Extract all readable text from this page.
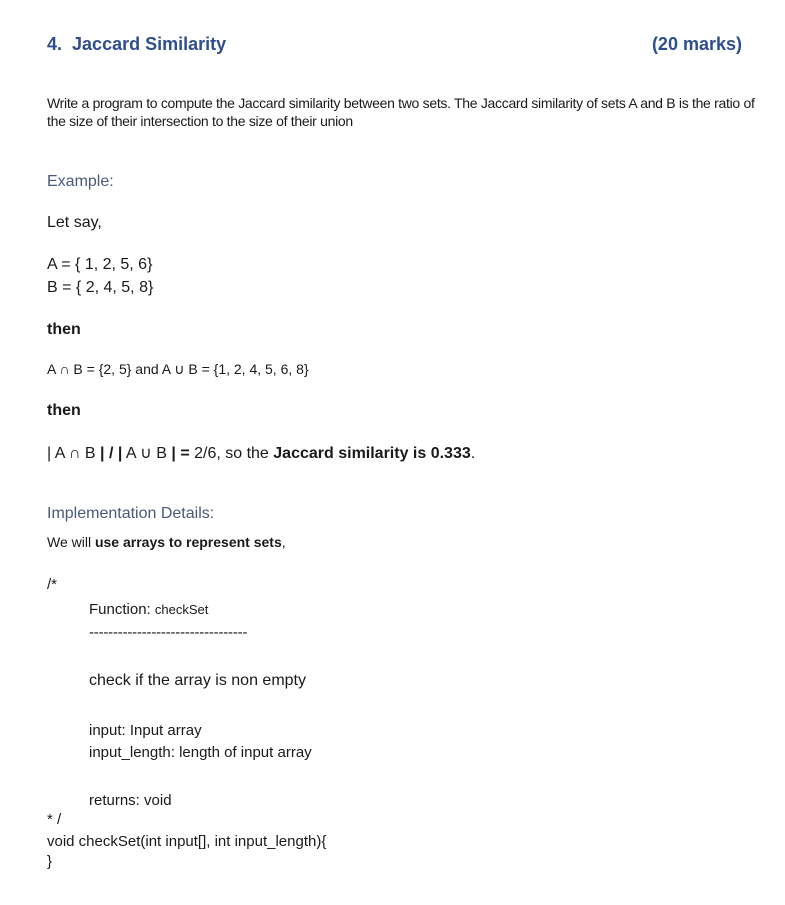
4. Jaccard Similarity	(20 marks)
Write a program to compute the Jaccard similarity between two sets. The Jaccard similarity of sets A and B is the ratio of the size of their intersection to the size of their union
Example:
Let say,
A = { 1, 2, 5, 6}
B = { 2, 4, 5, 8}
then
A ∩ B = {2, 5} and A ∪ B = {1, 2, 4, 5, 6, 8}
then
| A ∩ B | / | A ∪ B | = 2/6, so the Jaccard similarity is 0.333.
Implementation Details:
We will use arrays to represent sets,
/*
Function: checkSet
---------------------------------
check if the array is non empty
input: Input array
input_length: length of input array
returns: void
* /
void checkSet(int input[], int input_length){
}
